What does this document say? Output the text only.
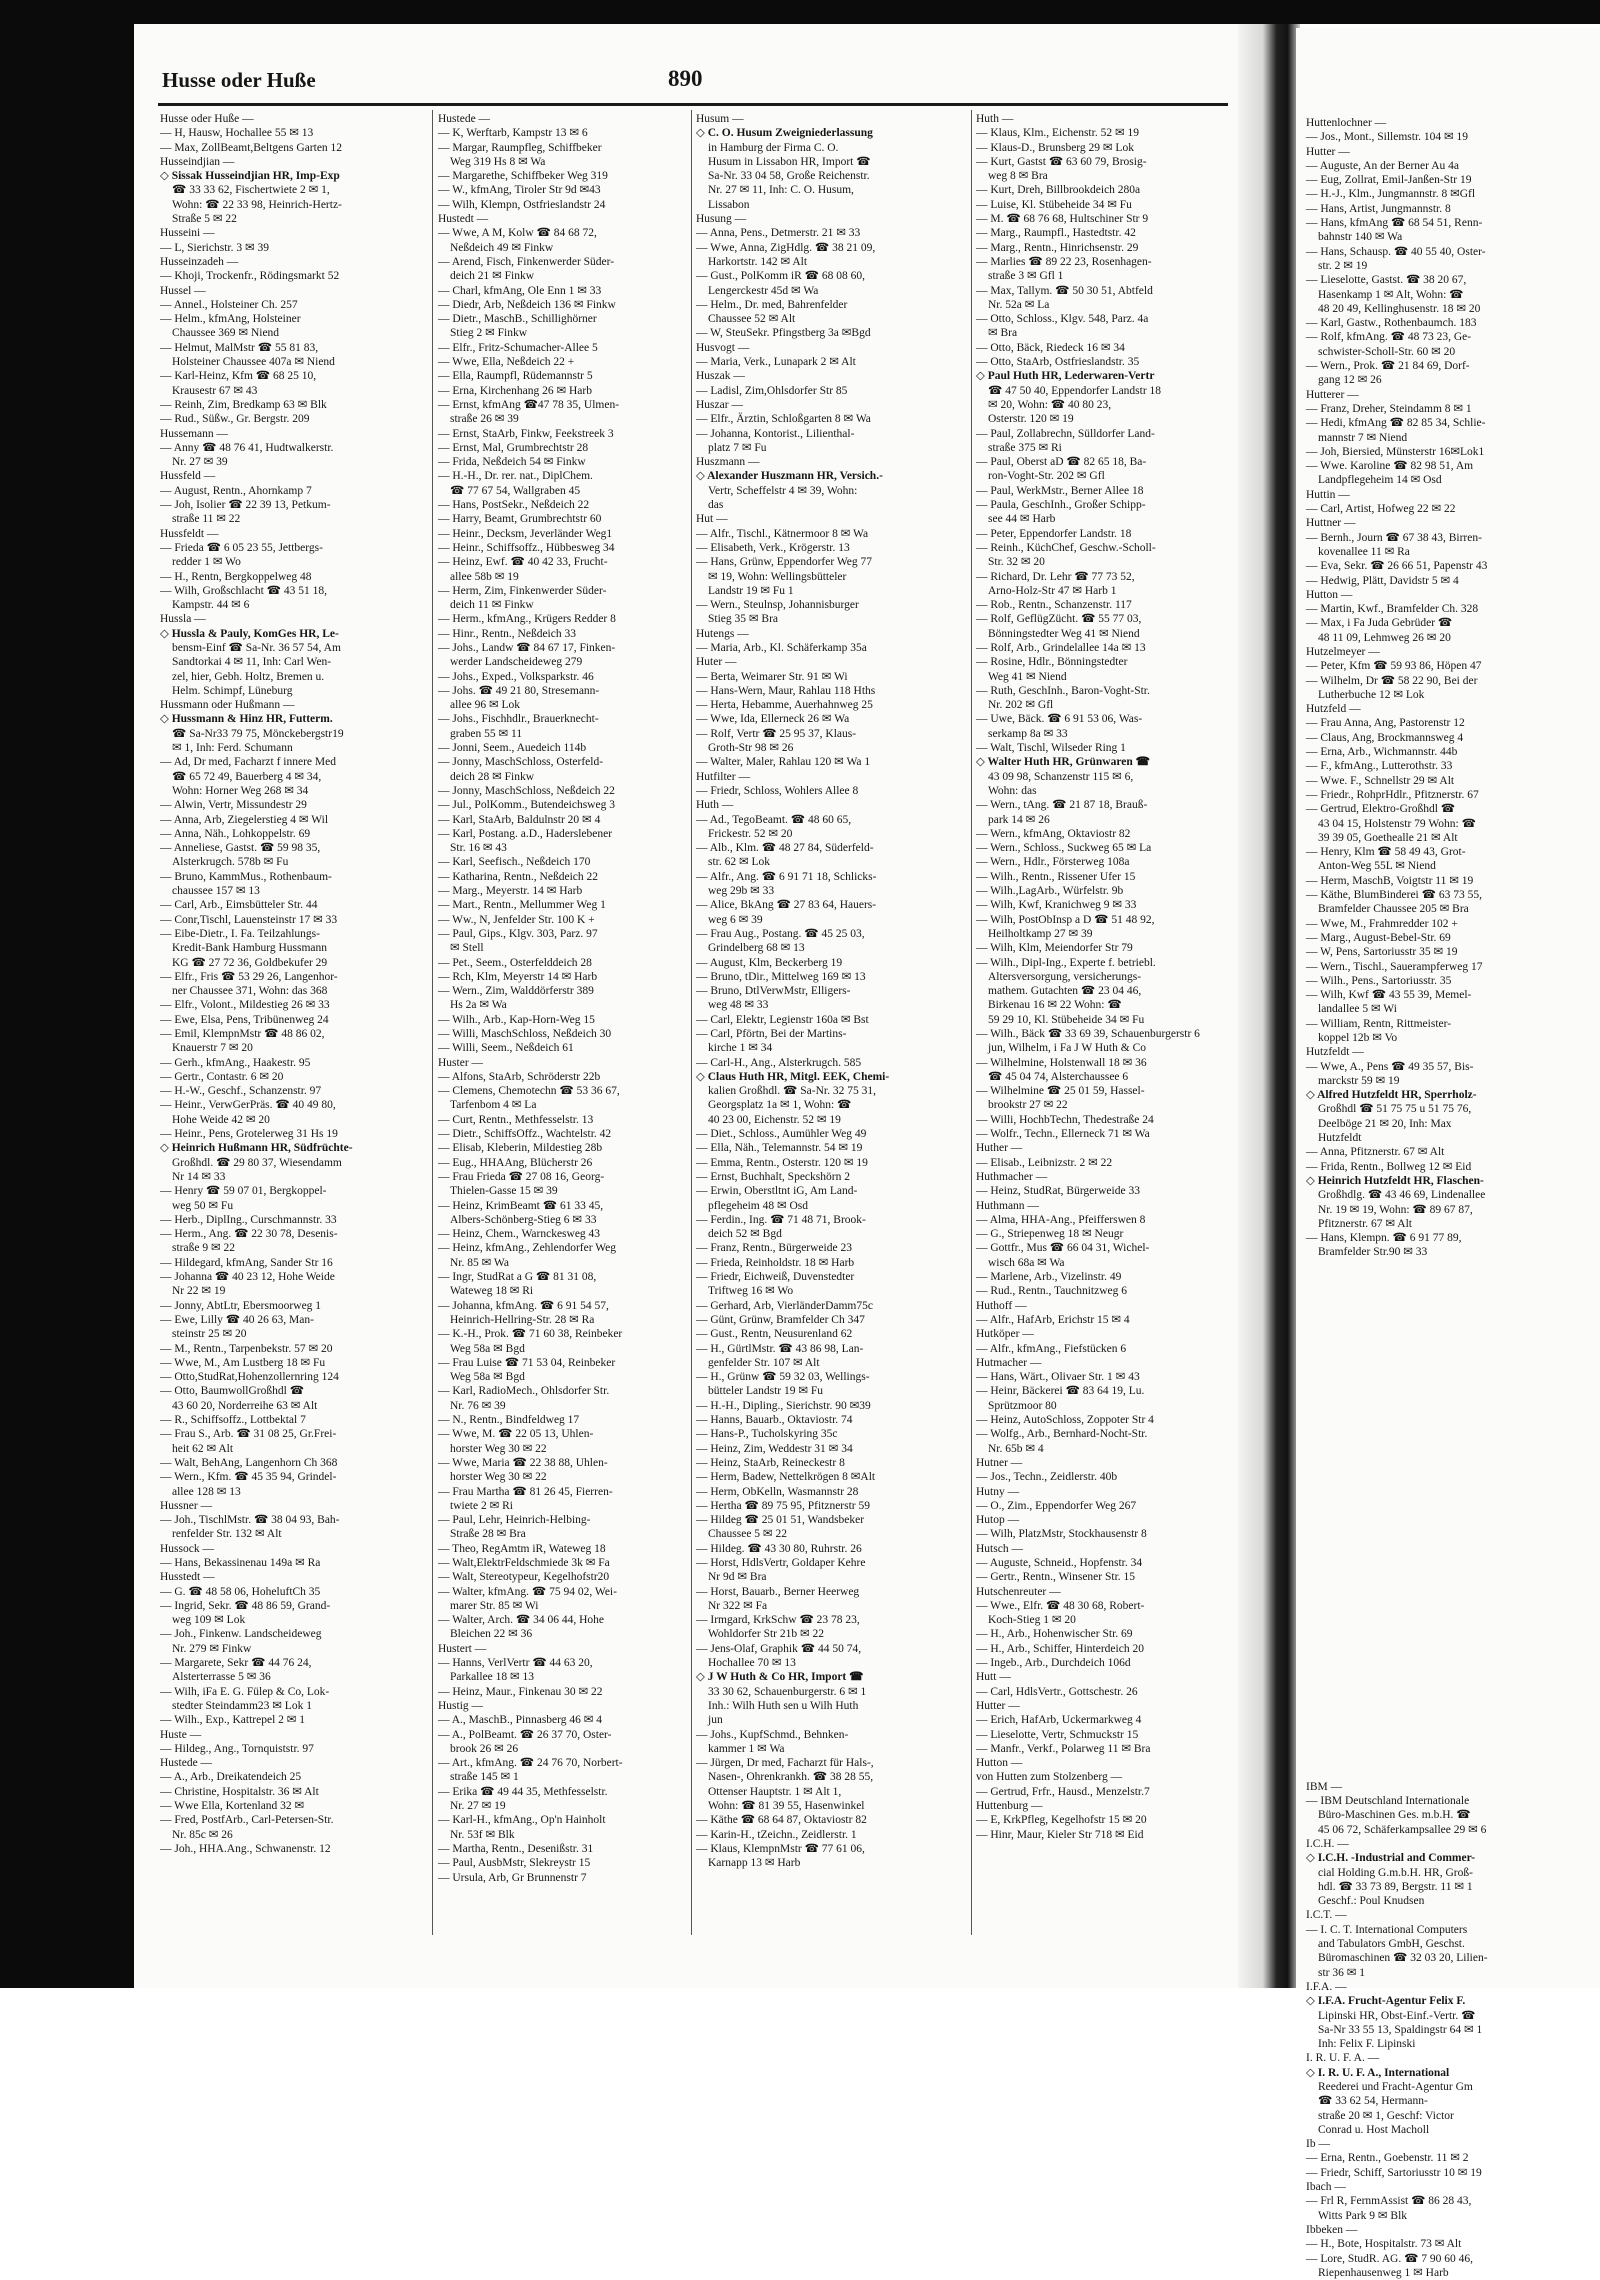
Husse oder Huße	890
Husse oder Huße —
— H, Hausw, Hochallee 55 ✉ 13
— Max, ZollBeamt,Beltgens Garten 12
Husseindjian —
◇ Sissak Husseindjian HR, Imp-Exp
☎ 33 33 62, Fischertwiete 2 ✉ 1,
Wohn: ☎ 22 33 98, Heinrich-Hertz-
Straße 5 ✉ 22
Husseini —
— L, Sierichstr. 3 ✉ 39
Husseinzadeh —
— Khoji, Trockenfr., Rödingsmarkt 52
Hussel —
— Annel., Holsteiner Ch. 257
— Helm., kfmAng, Holsteiner
Chaussee 369 ✉ Niend
— Helmut, MalMstr ☎ 55 81 83,
Holsteiner Chaussee 407a ✉ Niend
— Karl-Heinz, Kfm ☎ 68 25 10,
Krausestr 67 ✉ 43
— Reinh, Zim, Bredkamp 63 ✉ Blk
— Rud., Süßw., Gr. Bergstr. 209
Hussemann —
— Anny ☎ 48 76 41, Hudtwalkerstr.
Nr. 27 ✉ 39
Hussfeld —
— August, Rentn., Ahornkamp 7
— Joh, Isolier ☎ 22 39 13, Petkum-
straße 11 ✉ 22
Hussfeldt —
— Frieda ☎ 6 05 23 55, Jettbergs-
redder 1 ✉ Wo
— H., Rentn, Bergkoppelweg 48
— Wilh, Großschlacht ☎ 43 51 18,
Kampstr. 44 ✉ 6
Hussla —
◇ Hussla & Pauly, KomGes HR, Le-
bensm-Einf ☎ Sa-Nr. 36 57 54, Am
Sandtorkai 4 ✉ 11, Inh: Carl Wen-
zel, hier, Gebh. Holtz, Bremen u.
Helm. Schimpf, Lüneburg
Hussmann oder Hußmann —
◇ Hussmann & Hinz HR, Futterm.
☎ Sa-Nr33 79 75, Mönckebergstr19
✉ 1, Inh: Ferd. Schumann
— Ad, Dr med, Facharzt f innere Med
☎ 65 72 49, Bauerberg 4 ✉ 34,
Wohn: Horner Weg 268 ✉ 34
— Alwin, Vertr, Missundestr 29
— Anna, Arb, Ziegelerstieg 4 ✉ Wil
— Anna, Näh., Lohkoppelstr. 69
— Anneliese, Gastst. ☎ 59 98 35,
Alsterkrugch. 578b ✉ Fu
— Bruno, KammMus., Rothenbaum-
chaussee 157 ✉ 13
— Carl, Arb., Eimsbütteler Str. 44
— Conr,Tischl, Lauensteinstr 17 ✉ 33
— Eibe-Dietr., I. Fa. Teilzahlungs-
Kredit-Bank Hamburg Hussmann
KG ☎ 27 72 36, Goldbekufer 29
— Elfr., Fris ☎ 53 29 26, Langenhor-
ner Chaussee 371, Wohn: das 368
— Elfr., Volont., Mildestieg 26 ✉ 33
— Ewe, Elsa, Pens, Tribünenweg 24
— Emil, KlempnMstr ☎ 48 86 02,
Knauerstr 7 ✉ 20
— Gerh., kfmAng., Haakestr. 95
— Gertr., Contastr. 6 ✉ 20
— H.-W., Geschf., Schanzenstr. 97
— Heinr., VerwGerPräs. ☎ 40 49 80,
Hohe Weide 42 ✉ 20
— Heinr., Pens, Grotelerweg 31 Hs 19
◇ Heinrich Hußmann HR, Südfrüchte-
Großhdl. ☎ 29 80 37, Wiesendamm
Nr 14 ✉ 33
— Henry ☎ 59 07 01, Bergkoppel-
weg 50 ✉ Fu
— Herb., DiplIng., Curschmannstr. 33
— Herm., Ang. ☎ 22 30 78, Desenis-
straße 9 ✉ 22
— Hildegard, kfmAng, Sander Str 16
— Johanna ☎ 40 23 12, Hohe Weide
Nr 22 ✉ 19
— Jonny, AbtLtr, Ebersmoorweg 1
— Ewe, Lilly ☎ 40 26 63, Man-
steinstr 25 ✉ 20
— M., Rentn., Tarpenbekstr. 57 ✉ 20
— Wwe, M., Am Lustberg 18 ✉ Fu
— Otto,StudRat,Hohenzollernring 124
— Otto, BaumwollGroßhdl ☎
43 60 20, Norderreihe 63 ✉ Alt
— R., Schiffsoffz., Lottbektal 7
— Frau S., Arb. ☎ 31 08 25, Gr.Frei-
heit 62 ✉ Alt
— Walt, BehAng, Langenhorn Ch 368
— Wern., Kfm. ☎ 45 35 94, Grindel-
allee 128 ✉ 13
Hussner —
— Joh., TischlMstr. ☎ 38 04 93, Bah-
renfelder Str. 132 ✉ Alt
Hussock —
— Hans, Bekassinenau 149a ✉ Ra
Husstedt —
— G. ☎ 48 58 06, HoheluftCh 35
— Ingrid, Sekr. ☎ 48 86 59, Grand-
weg 109 ✉ Lok
— Joh., Finkenw. Landscheideweg
Nr. 279 ✉ Finkw
— Margarete, Sekr ☎ 44 76 24,
Alsterterrasse 5 ✉ 36
— Wilh, iFa E. G. Fülep & Co, Lok-
stedter Steindamm23 ✉ Lok 1
— Wilh., Exp., Kattrepel 2 ✉ 1
Huste —
— Hildeg., Ang., Tornquiststr. 97
Hustede —
— A., Arb., Dreikatendeich 25
— Christine, Hospitalstr. 36 ✉ Alt
— Wwe Ella, Kortenland 32 ✉
— Fred, PostfArb., Carl-Petersen-Str.
Nr. 85c ✉ 26
— Joh., HHA.Ang., Schwanenstr. 12
Hustede —
— K, Werftarb, Kampstr 13 ✉ 6
— Margar, Raumpfleg, Schiffbeker
Weg 319 Hs 8 ✉ Wa
— Margarethe, Schiffbeker Weg 319
— W., kfmAng, Tiroler Str 9d ✉43
— Wilh, Klempn, Ostfrieslandstr 24
Hustedt —
— Wwe, A M, Kolw ☎ 84 68 72,
Neßdeich 49 ✉ Finkw
— Arend, Fisch, Finkenwerder Süder-
deich 21 ✉ Finkw
— Charl, kfmAng, Ole Enn 1 ✉ 33
— Diedr, Arb, Neßdeich 136 ✉ Finkw
— Dietr., MaschB., Schillighörner
Stieg 2 ✉ Finkw
— Elfr., Fritz-Schumacher-Allee 5
— Wwe, Ella, Neßdeich 22 +
— Ella, Raumpfl, Rüdemannstr 5
— Erna, Kirchenhang 26 ✉ Harb
— Ernst, kfmAng ☎47 78 35, Ulmen-
straße 26 ✉ 39
— Ernst, StaArb, Finkw, Feekstreek 3
— Ernst, Mal, Grumbrechtstr 28
— Frida, Neßdeich 54 ✉ Finkw
— H.-H., Dr. rer. nat., DiplChem.
☎ 77 67 54, Wallgraben 45
— Hans, PostSekr., Neßdeich 22
— Harry, Beamt, Grumbrechtstr 60
— Heinr., Decksm, Jeverländer Weg1
— Heinr., Schiffsoffz., Hübbesweg 34
— Heinz, Ewf. ☎ 40 42 33, Frucht-
allee 58b ✉ 19
— Herm, Zim, Finkenwerder Süder-
deich 11 ✉ Finkw
— Herm., kfmAng., Krügers Redder 8
— Hinr., Rentn., Neßdeich 33
— Johs., Landw ☎ 84 67 17, Finken-
werder Landscheideweg 279
— Johs., Exped., Volksparkstr. 46
— Johs. ☎ 49 21 80, Stresemann-
allee 96 ✉ Lok
— Johs., Fischhdlr., Brauerknecht-
graben 55 ✉ 11
— Jonni, Seem., Auedeich 114b
— Jonny, MaschSchloss, Osterfeld-
deich 28 ✉ Finkw
— Jonny, MaschSchloss, Neßdeich 22
— Jul., PolKomm., Butendeichsweg 3
— Karl, StaArb, Baldulnstr 20 ✉ 4
— Karl, Postang. a.D., Haderslebener
Str. 16 ✉ 43
— Karl, Seefisch., Neßdeich 170
— Katharina, Rentn., Neßdeich 22
— Marg., Meyerstr. 14 ✉ Harb
— Mart., Rentn., Mellummer Weg 1
— Ww., N, Jenfelder Str. 100 K +
— Paul, Gips., Klgv. 303, Parz. 97
✉ Stell
— Pet., Seem., Osterfelddeich 28
— Rch, Klm, Meyerstr 14 ✉ Harb
— Wern., Zim, Walddörferstr 389
Hs 2a ✉ Wa
— Wilh., Arb., Kap-Horn-Weg 15
— Willi, MaschSchloss, Neßdeich 30
— Willi, Seem., Neßdeich 61
Huster —
— Alfons, StaArb, Schröderstr 22b
— Clemens, Chemotechn ☎ 53 36 67,
Tarfenbom 4 ✉ La
— Curt, Rentn., Methfesselstr. 13
— Dietr., SchiffsOffz., Wachtelstr. 42
— Elisab, Kleberin, Mildestieg 28b
— Eug., HHAAng, Blücherstr 26
— Frau Frieda ☎ 27 08 16, Georg-
Thielen-Gasse 15 ✉ 39
— Heinz, KrimBeamt ☎ 61 33 45,
Albers-Schönberg-Stieg 6 ✉ 33
— Heinz, Chem., Warnckesweg 43
— Heinz, kfmAng., Zehlendorfer Weg
Nr. 85 ✉ Wa
— Ingr, StudRat a G ☎ 81 31 08,
Wateweg 18 ✉ Ri
— Johanna, kfmAng. ☎ 6 91 54 57,
Heinrich-Hellring-Str. 28 ✉ Ra
— K.-H., Prok. ☎ 71 60 38, Reinbeker
Weg 58a ✉ Bgd
— Frau Luise ☎ 71 53 04, Reinbeker
Weg 58a ✉ Bgd
— Karl, RadioMech., Ohlsdorfer Str.
Nr. 76 ✉ 39
— N., Rentn., Bindfeldweg 17
— Wwe, M. ☎ 22 05 13, Uhlen-
horster Weg 30 ✉ 22
— Wwe, Maria ☎ 22 38 88, Uhlen-
horster Weg 30 ✉ 22
— Frau Martha ☎ 81 26 45, Fierren-
twiete 2 ✉ Ri
— Paul, Lehr, Heinrich-Helbing-
Straße 28 ✉ Bra
— Theo, RegAmtm iR, Wateweg 18
— Walt,ElektrFeldschmiede 3k ✉ Fa
— Walt, Stereotypeur, Kegelhofstr20
— Walter, kfmAng. ☎ 75 94 02, Wei-
marer Str. 85 ✉ Wi
— Walter, Arch. ☎ 34 06 44, Hohe
Bleichen 22 ✉ 36
Hustert —
— Hanns, VerlVertr ☎ 44 63 20,
Parkallee 18 ✉ 13
— Heinz, Maur., Finkenau 30 ✉ 22
Hustig —
— A., MaschB., Pinnasberg 46 ✉ 4
— A., PolBeamt. ☎ 26 37 70, Oster-
brook 26 ✉ 26
— Art., kfmAng. ☎ 24 76 70, Norbert-
straße 145 ✉ 1
— Erika ☎ 49 44 35, Methfesselstr.
Nr. 27 ✉ 19
— Karl-H., kfmAng., Op'n Hainholt
Nr. 53f ✉ Blk
— Martha, Rentn., Desenißstr. 31
— Paul, AusbMstr, Slekreystr 15
— Ursula, Arb, Gr Brunnenstr 7
Husum —
◇ C. O. Husum Zweigniederlassung
in Hamburg der Firma C. O.
Husum in Lissabon HR, Import ☎
Sa-Nr. 33 04 58, Große Reichenstr.
Nr. 27 ✉ 11, Inh: C. O. Husum,
Lissabon
Husung —
— Anna, Pens., Detmerstr. 21 ✉ 33
— Wwe, Anna, ZigHdlg. ☎ 38 21 09,
Harkortstr. 142 ✉ Alt
— Gust., PolKomm iR ☎ 68 08 60,
Lengerckestr 45d ✉ Wa
— Helm., Dr. med, Bahrenfelder
Chaussee 52 ✉ Alt
— W, SteuSekr. Pfingstberg 3a ✉Bgd
Husvogt —
— Maria, Verk., Lunapark 2 ✉ Alt
Huszak —
— Ladisl, Zim,Ohlsdorfer Str 85
Huszar —
— Elfr., Ärztin, Schloßgarten 8 ✉ Wa
— Johanna, Kontorist., Lilienthal-
platz 7 ✉ Fu
Huszmann —
◇ Alexander Huszmann HR, Versich.-
Vertr, Scheffelstr 4 ✉ 39, Wohn:
das
Hut —
— Alfr., Tischl., Kätnermoor 8 ✉ Wa
— Elisabeth, Verk., Krögerstr. 13
— Hans, Grünw, Eppendorfer Weg 77
✉ 19, Wohn: Wellingsbütteler
Landstr 19 ✉ Fu 1
— Wern., Steulnsp, Johannisburger
Stieg 35 ✉ Bra
Hutengs —
— Maria, Arb., Kl. Schäferkamp 35a
Huter —
— Berta, Weimarer Str. 91 ✉ Wi
— Hans-Wern, Maur, Rahlau 118 Hths
— Herta, Hebamme, Auerhahnweg 25
— Wwe, Ida, Ellerneck 26 ✉ Wa
— Rolf, Vertr ☎ 25 95 37, Klaus-
Groth-Str 98 ✉ 26
— Walter, Maler, Rahlau 120 ✉ Wa 1
Hutfilter —
— Friedr, Schloss, Wohlers Allee 8
Huth —
— Ad., TegoBeamt. ☎ 48 60 65,
Frickestr. 52 ✉ 20
— Alb., Klm. ☎ 48 27 84, Süderfeld-
str. 62 ✉ Lok
— Alfr., Ang. ☎ 6 91 71 18, Schlicks-
weg 29b ✉ 33
— Alice, BkAng ☎ 27 83 64, Hauers-
weg 6 ✉ 39
— Frau Aug., Postang. ☎ 45 25 03,
Grindelberg 68 ✉ 13
— August, Klm, Beckerberg 19
— Bruno, tDir., Mittelweg 169 ✉ 13
— Bruno, DtlVerwMstr, Elligers-
weg 48 ✉ 33
— Carl, Elektr, Legienstr 160a ✉ Bst
— Carl, Pförtn, Bei der Martins-
kirche 1 ✉ 34
— Carl-H., Ang., Alsterkrugch. 585
◇ Claus Huth HR, Mitgl. EEK, Chemi-
kalien Großhdl. ☎ Sa-Nr. 32 75 31,
Georgsplatz 1a ✉ 1, Wohn: ☎
40 23 00, Eichenstr. 52 ✉ 19
— Diet., Schloss., Aumühler Weg 49
— Ella, Näh., Telemannstr. 54 ✉ 19
— Emma, Rentn., Osterstr. 120 ✉ 19
— Ernst, Buchhalt, Speckshörn 2
— Erwin, Oberstltnt iG, Am Land-
pflegeheim 48 ✉ Osd
— Ferdin., Ing. ☎ 71 48 71, Brook-
deich 52 ✉ Bgd
— Franz, Rentn., Bürgerweide 23
— Frieda, Reinholdstr. 18 ✉ Harb
— Friedr, Eichweiß, Duvenstedter
Triftweg 16 ✉ Wo
— Gerhard, Arb, VierländerDamm75c
— Günt, Grünw, Bramfelder Ch 347
— Gust., Rentn, Neusurenland 62
— H., GürtlMstr. ☎ 43 86 98, Lan-
genfelder Str. 107 ✉ Alt
— H., Grünw ☎ 59 32 03, Wellings-
bütteler Landstr 19 ✉ Fu
— H.-H., Dipling., Sierichstr. 90 ✉39
— Hanns, Bauarb., Oktaviostr. 74
— Hans-P., Tucholskyring 35c
— Heinz, Zim, Weddestr 31 ✉ 34
— Heinz, StaArb, Reineckestr 8
— Herm, Badew, Nettelkrögen 8 ✉Alt
— Herm, ObKelln, Wasmannstr 28
— Hertha ☎ 89 75 95, Pfitznerstr 59
— Hildeg ☎ 25 01 51, Wandsbeker
Chaussee 5 ✉ 22
— Hildeg. ☎ 43 30 80, Ruhrstr. 26
— Horst, HdlsVertr, Goldaper Kehre
Nr 9d ✉ Bra
— Horst, Bauarb., Berner Heerweg
Nr 322 ✉ Fa
— Irmgard, KrkSchw ☎ 23 78 23,
Wohldorfer Str 21b ✉ 22
— Jens-Olaf, Graphik ☎ 44 50 74,
Hochallee 70 ✉ 13
◇ J W Huth & Co HR, Import ☎
33 30 62, Schauenburgerstr. 6 ✉ 1
Inh.: Wilh Huth sen u Wilh Huth
jun
— Johs., KupfSchmd., Behnken-
kammer 1 ✉ Wa
— Jürgen, Dr med, Facharzt für Hals-,
Nasen-, Ohrenkrankh. ☎ 38 28 55,
Ottenser Hauptstr. 1 ✉ Alt 1,
Wohn: ☎ 81 39 55, Hasenwinkel
— Käthe ☎ 68 64 87, Oktaviostr 82
— Karin-H., tZeichn., Zeidlerstr. 1
— Klaus, KlempnMstr ☎ 77 61 06,
Karnapp 13 ✉ Harb
Huth —
— Klaus, Klm., Eichenstr. 52 ✉ 19
— Klaus-D., Brunsberg 29 ✉ Lok
— Kurt, Gastst ☎ 63 60 79, Brosig-
weg 8 ✉ Bra
— Kurt, Dreh, Billbrookdeich 280a
— Luise, Kl. Stübeheide 34 ✉ Fu
— M. ☎ 68 76 68, Hultschiner Str 9
— Marg., Raumpfl., Hastedtstr. 42
— Marg., Rentn., Hinrichsenstr. 29
— Marlies ☎ 89 22 23, Rosenhagen-
straße 3 ✉ Gfl 1
— Max, Tallym. ☎ 50 30 51, Abtfeld
Nr. 52a ✉ La
— Otto, Schloss., Klgv. 548, Parz. 4a
✉ Bra
— Otto, Bäck, Riedeck 16 ✉ 34
— Otto, StaArb, Ostfrieslandstr. 35
◇ Paul Huth HR, Lederwaren-Vertr
☎ 47 50 40, Eppendorfer Landstr 18
✉ 20, Wohn: ☎ 40 80 23,
Osterstr. 120 ✉ 19
— Paul, Zollabrechn, Sülldorfer Land-
straße 375 ✉ Ri
— Paul, Oberst aD ☎ 82 65 18, Ba-
ron-Voght-Str. 202 ✉ Gfl
— Paul, WerkMstr., Berner Allee 18
— Paula, GeschInh., Großer Schipp-
see 44 ✉ Harb
— Peter, Eppendorfer Landstr. 18
— Reinh., KüchChef, Geschw.-Scholl-
Str. 32 ✉ 20
— Richard, Dr. Lehr ☎ 77 73 52,
Arno-Holz-Str 47 ✉ Harb 1
— Rob., Rentn., Schanzenstr. 117
— Rolf, GeflügZücht. ☎ 55 77 03,
Bönningstedter Weg 41 ✉ Niend
— Rolf, Arb., Grindelallee 14a ✉ 13
— Rosine, Hdlr., Bönningstedter
Weg 41 ✉ Niend
— Ruth, GeschInh., Baron-Voght-Str.
Nr. 202 ✉ Gfl
— Uwe, Bäck. ☎ 6 91 53 06, Was-
serkamp 8a ✉ 33
— Walt, Tischl, Wilseder Ring 1
◇ Walter Huth HR, Grünwaren ☎
43 09 98, Schanzenstr 115 ✉ 6,
Wohn: das
— Wern., tAng. ☎ 21 87 18, Brauß-
park 14 ✉ 26
— Wern., kfmAng, Oktaviostr 82
— Wern., Schloss., Suckweg 65 ✉ La
— Wern., Hdlr., Försterweg 108a
— Wilh., Rentn., Rissener Ufer 15
— Wilh.,LagArb., Würfelstr. 9b
— Wilh, Kwf, Kranichweg 9 ✉ 33
— Wilh, PostObInsp a D ☎ 51 48 92,
Heilholtkamp 27 ✉ 39
— Wilh, Klm, Meiendorfer Str 79
— Wilh., Dipl-Ing., Experte f. betriebl.
Altersversorgung, versicherungs-
mathem. Gutachten ☎ 23 04 46,
Birkenau 16 ✉ 22 Wohn: ☎
59 29 10, Kl. Stübeheide 34 ✉ Fu
— Wilh., Bäck ☎ 33 69 39, Schauenburgerstr 6
jun, Wilhelm, i Fa J W Huth & Co
— Wilhelmine, Holstenwall 18 ✉ 36
☎ 45 04 74, Alsterchaussee 6
— Wilhelmine ☎ 25 01 59, Hassel-
brookstr 27 ✉ 22
— Willi, HochbTechn, Thedestraße 24
— Wolfr., Techn., Ellerneck 71 ✉ Wa
Huther —
— Elisab., Leibnizstr. 2 ✉ 22
Huthmacher —
— Heinz, StudRat, Bürgerweide 33
Huthmann —
— Alma, HHA-Ang., Pfeifferswen 8
— G., Striepenweg 18 ✉ Neugr
— Gottfr., Mus ☎ 66 04 31, Wichel-
wisch 68a ✉ Wa
— Marlene, Arb., Vizelinstr. 49
— Rud., Rentn., Tauchnitzweg 6
Huthoff —
— Alfr., HafArb, Erichstr 15 ✉ 4
Hutköper —
— Alfr., kfmAng., Fiefstücken 6
Hutmacher —
— Hans, Wärt., Olivaer Str. 1 ✉ 43
— Heinr, Bäckerei ☎ 83 64 19, Lu.
Sprützmoor 80
— Heinz, AutoSchloss, Zoppoter Str 4
— Wolfg., Arb., Bernhard-Nocht-Str.
Nr. 65b ✉ 4
Hutner —
— Jos., Techn., Zeidlerstr. 40b
Hutny —
— O., Zim., Eppendorfer Weg 267
Hutop —
— Wilh, PlatzMstr, Stockhausenstr 8
Hutsch —
— Auguste, Schneid., Hopfenstr. 34
— Gertr., Rentn., Winsener Str. 15
Hutschenreuter —
— Wwe., Elfr. ☎ 48 30 68, Robert-
Koch-Stieg 1 ✉ 20
— H., Arb., Hohenwischer Str. 69
— H., Arb., Schiffer, Hinterdeich 20
— Ingeb., Arb., Durchdeich 106d
Hutt —
— Carl, HdlsVertr., Gottschestr. 26
Hutter —
— Erich, HafArb, Uckermarkweg 4
— Lieselotte, Vertr, Schmuckstr 15
— Manfr., Verkf., Polarweg 11 ✉ Bra
Hutton —
von Hutten zum Stolzenberg —
— Gertrud, Frfr., Hausd., Menzelstr.7
Huttenburg —
— E, KrkPfleg, Kegelhofstr 15 ✉ 20
— Hinr, Maur, Kieler Str 718 ✉ Eid
Huttenlochner —
— Jos., Mont., Sillemstr. 104 ✉ 19
Hutter —
— Auguste, An der Berner Au 4a
— Eug, Zollrat, Emil-Janßen-Str 19
— H.-J., Klm., Jungmannstr. 8 ✉Gfl
— Hans, Artist, Jungmannstr. 8
— Hans, kfmAng ☎ 68 54 51, Renn-
bahnstr 140 ✉ Wa
— Hans, Schausp. ☎ 40 55 40, Oster-
str. 2 ✉ 19
— Lieselotte, Gastst. ☎ 38 20 67,
Hasenkamp 1 ✉ Alt, Wohn: ☎
48 20 49, Kellinghusenstr. 18 ✉ 20
— Karl, Gastw., Rothenbaumch. 183
— Rolf, kfmAng. ☎ 48 73 23, Ge-
schwister-Scholl-Str. 60 ✉ 20
— Wern., Prok. ☎ 21 84 69, Dorf-
gang 12 ✉ 26
Hutterer —
— Franz, Dreher, Steindamm 8 ✉ 1
— Hedi, kfmAng ☎ 82 85 34, Schlie-
mannstr 7 ✉ Niend
— Joh, Biersied, Münsterstr 16✉Lok1
— Wwe. Karoline ☎ 82 98 51, Am
Landpflegeheim 14 ✉ Osd
Huttin —
— Carl, Artist, Hofweg 22 ✉ 22
Huttner —
— Bernh., Journ ☎ 67 38 43, Birren-
kovenallee 11 ✉ Ra
— Eva, Sekr. ☎ 26 66 51, Papenstr 43
— Hedwig, Plätt, Davidstr 5 ✉ 4
Hutton —
— Martin, Kwf., Bramfelder Ch. 328
— Max, i Fa Juda Gebrüder ☎
48 11 09, Lehmweg 26 ✉ 20
Hutzelmeyer —
— Peter, Kfm ☎ 59 93 86, Höpen 47
— Wilhelm, Dr ☎ 58 22 90, Bei der
Lutherbuche 12 ✉ Lok
Hutzfeld —
— Frau Anna, Ang, Pastorenstr 12
— Claus, Ang, Brockmannsweg 4
— Erna, Arb., Wichmannstr. 44b
— F., kfmAng., Lutterothstr. 33
— Wwe. F., Schnellstr 29 ✉ Alt
— Friedr., RohprHdlr., Pfitznerstr. 67
— Gertrud, Elektro-Großhdl ☎
43 04 15, Holstenstr 79 Wohn: ☎
39 39 05, Goethealle 21 ✉ Alt
— Henry, Klm ☎ 58 49 43, Grot-
Anton-Weg 55L ✉ Niend
— Herm, MaschB, Voigtstr 11 ✉ 19
— Käthe, BlumBinderei ☎ 63 73 55,
Bramfelder Chaussee 205 ✉ Bra
— Wwe, M., Frahmredder 102 +
— Marg., August-Bebel-Str. 69
— W, Pens, Sartoriusstr 35 ✉ 19
— Wern., Tischl., Sauerampferweg 17
— Wilh., Pens., Sartoriusstr. 35
— Wilh, Kwf ☎ 43 55 39, Memel-
landallee 5 ✉ Wi
— William, Rentn, Rittmeister-
koppel 12b ✉ Vo
Hutzfeldt —
— Wwe, A., Pens ☎ 49 35 57, Bis-
marckstr 59 ✉ 19
◇ Alfred Hutzfeldt HR, Sperrholz-
Großhdl ☎ 51 75 75 u 51 75 76,
Deelböge 21 ✉ 20, Inh: Max
Hutzfeldt
— Anna, Pfitznerstr. 67 ✉ Alt
— Frida, Rentn., Bollweg 12 ✉ Eid
◇ Heinrich Hutzfeldt HR, Flaschen-
Großhdlg. ☎ 43 46 69, Lindenallee
Nr. 19 ✉ 19, Wohn: ☎ 89 67 87,
Pfitznerstr. 67 ✉ Alt
— Hans, Klempn. ☎ 6 91 77 89,
Bramfelder Str.90 ✉ 33
IBM —
— IBM Deutschland Internationale
Büro-Maschinen Ges. m.b.H. ☎
45 06 72, Schäferkampsallee 29 ✉ 6
I.C.H. —
◇ I.C.H. -Industrial and Commer-
cial Holding G.m.b.H. HR, Groß-
hdl. ☎ 33 73 89, Bergstr. 11 ✉ 1
Geschf.: Poul Knudsen
I.C.T. —
— I. C. T. International Computers
and Tabulators GmbH, Geschst.
Büromaschinen ☎ 32 03 20, Lilien-
str 36 ✉ 1
I.F.A. —
◇ I.F.A. Frucht-Agentur Felix F.
Lipinski HR, Obst-Einf.-Vertr. ☎
Sa-Nr 33 55 13, Spaldingstr 64 ✉ 1
Inh: Felix F. Lipinski
I. R. U. F. A. —
◇ I. R. U. F. A., International
Reederei und Fracht-Agentur Gm
☎ 33 62 54, Hermann-
straße 20 ✉ 1, Geschf: Victor
Conrad u. Host Macholl
Ib —
— Erna, Rentn., Goebenstr. 11 ✉ 2
— Friedr, Schiff, Sartoriusstr 10 ✉ 19
Ibach —
— Frl R, FernmAssist ☎ 86 28 43,
Witts Park 9 ✉ Blk
Ibbeken —
— H., Bote, Hospitalstr. 73 ✉ Alt
— Lore, StudR. AG. ☎ 7 90 60 46,
Riepenhausenweg 1 ✉ Harb
